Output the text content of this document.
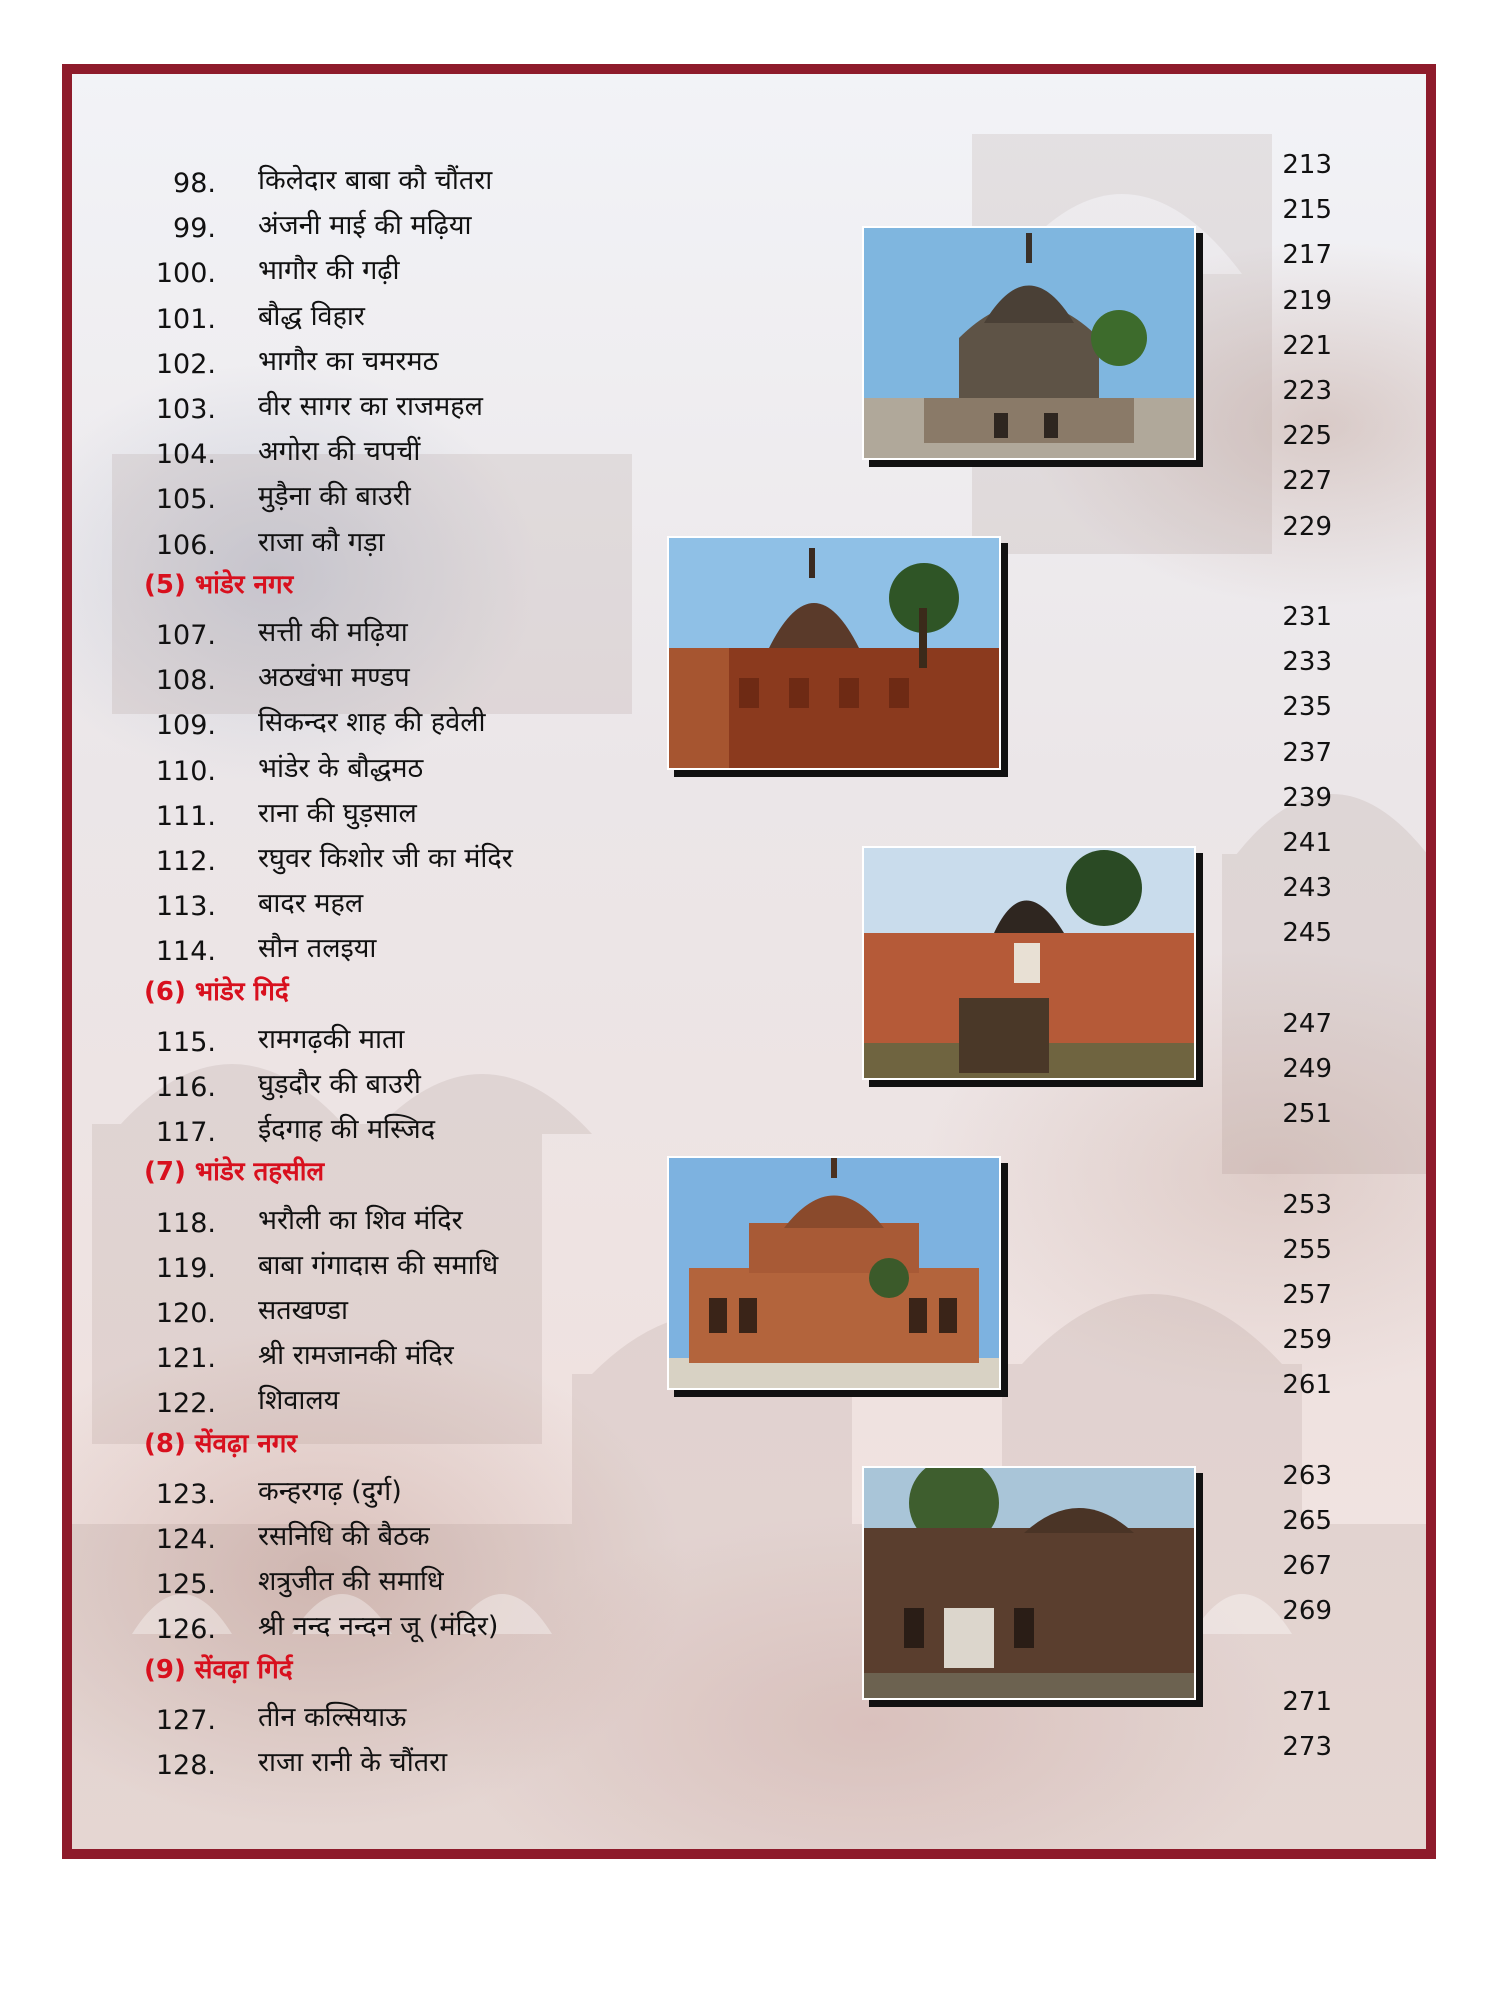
98. किलेदार बाबा कौ चौंतरा	213
99. अंजनी माई की मढ़िया	215
100. भागौर की गढ़ी	217
101. बौद्ध विहार	219
102. भागौर का चमरमठ	221
103. वीर सागर का राजमहल	223
104. अगोरा की चपचीं	225
105. मुड़ैना की बाउरी	227
106. राजा कौ गड़ा	229
(5) भांडेर नगर
107. सत्ती की मढ़िया	231
108. अठखंभा मण्डप	233
109. सिकन्दर शाह की हवेली	235
110. भांडेर के बौद्धमठ	237
111. राना की घुड़साल	239
112. रघुवर किशोर जी का मंदिर	241
113. बादर महल	243
114. सौन तलइया	245
(6) भांडेर गिर्द
115. रामगढ़की माता	247
116. घुड़दौर की बाउरी	249
117. ईदगाह की मस्जिद	251
(7) भांडेर तहसील
118. भरौली का शिव मंदिर	253
119. बाबा गंगादास की समाधि	255
120. सतखण्डा	257
121. श्री रामजानकी मंदिर	259
122. शिवालय	261
(8) सेंवढ़ा नगर
123. कन्हरगढ़ (दुर्ग)	263
124. रसनिधि की बैठक	265
125. शत्रुजीत की समाधि	267
126. श्री नन्द नन्दन जू (मंदिर)	269
(9) सेंवढ़ा गिर्द
127. तीन कल्सियाऊ	271
128. राजा रानी के चौंतरा	273
